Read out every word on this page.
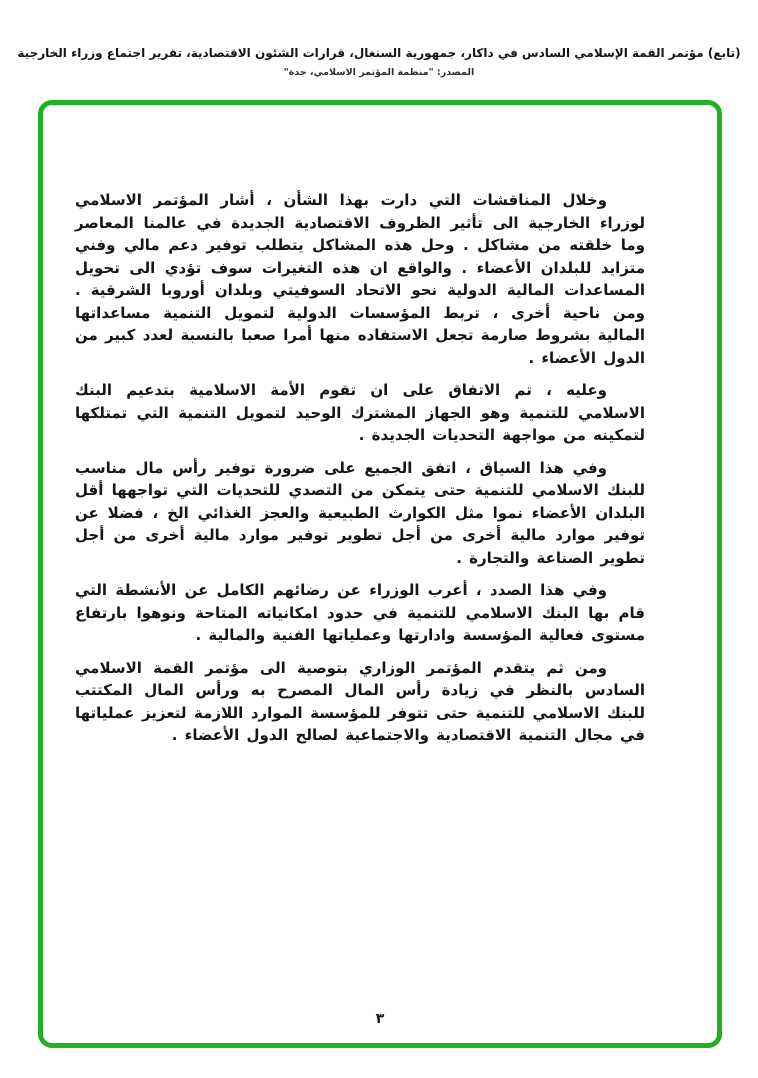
(تابع) مؤتمر القمة الإسلامي السادس في داكار، جمهورية السنغال، قرارات الشئون الاقتصادية، تقرير اجتماع وزراء الخارجية
المصدر: "منظمة المؤتمر الاسلامي، جدة"

وخلال المناقشات التي دارت بهذا الشأن ، أشار المؤتمر الاسلامي لوزراء الخارجية الى تأثير الظروف الاقتصادية الجديدة في عالمنا المعاصر وما خلقته من مشاكل . وحل هذه المشاكل يتطلب توفير دعم مالي وفني متزايد للبلدان الأعضاء . والواقع ان هذه التغيرات سوف تؤدي الى تحويل المساعدات المالية الدولية نحو الاتحاد السوفيتي وبلدان أوروبا الشرقية . ومن ناحية أخرى ، تربط المؤسسات الدولية لتمويل التنمية مساعداتها المالية بشروط صارمة تجعل الاستفاده منها أمرا صعبا بالنسبة لعدد كبير من الدول الأعضاء .

وعليه ، تم الاتفاق على ان تقوم الأمة الاسلامية بتدعيم البنك الاسلامي للتنمية وهو الجهاز المشترك الوحيد لتمويل التنمية التي تمتلكها لتمكينه من مواجهة التحديات الجديدة .

وفي هذا السياق ، اتفق الجميع على ضرورة توفير رأس مال مناسب للبنك الاسلامي للتنمية حتى يتمكن من التصدي للتحديات التي تواجهها أقل البلدان الأعضاء نموا مثل الكوارث الطبيعية والعجز الغذائي الخ ، فضلا عن توفير موارد مالية أخرى من أجل تطوير توفير موارد مالية أخرى من أجل تطوير الصناعة والتجارة .

وفي هذا الصدد ، أعرب الوزراء عن رضائهم الكامل عن الأنشطة التي قام بها البنك الاسلامي للتنمية في حدود امكانياته المتاحة ونوهوا بارتفاع مستوى فعالية المؤسسة وادارتها وعملياتها الفنية والمالية .

ومن ثم يتقدم المؤتمر الوزاري بتوصية الى مؤتمر القمة الاسلامي السادس بالنظر في زيادة رأس المال المصرح به ورأس المال المكتتب للبنك الاسلامي للتنمية حتى تتوفر للمؤسسة الموارد اللازمة لتعزيز عملياتها في مجال التنمية الاقتصادية والاجتماعية لصالح الدول الأعضاء .

٣
